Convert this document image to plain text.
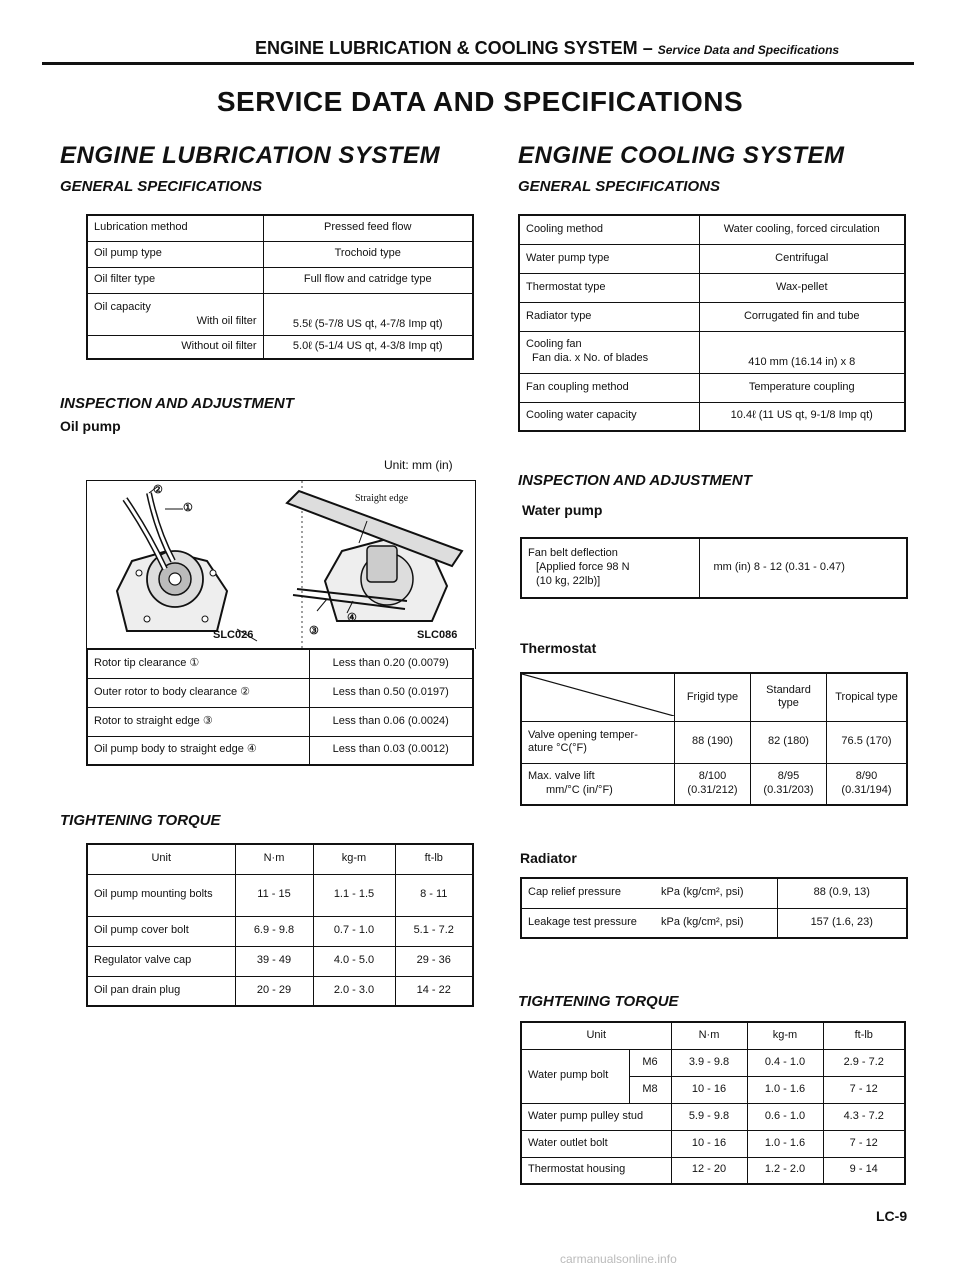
ENGINE LUBRICATION & COOLING SYSTEM – Service Data and Specifications
SERVICE DATA AND SPECIFICATIONS
ENGINE LUBRICATION SYSTEM
GENERAL SPECIFICATIONS
Lubrication method	Pressed feed flow
Oil pump type	Trochoid type
Oil filter type	Full flow and catridge type

Oil capacity
With oil filter	5.5ℓ (5-7/8 US qt, 4-7/8 Imp qt)
Without oil filter	5.0ℓ (5-1/4 US qt, 4-3/8 Imp qt)
INSPECTION AND ADJUSTMENT
Oil pump
Unit: mm (in)
②
①
Straight edge
SLC026	③
④
SLC086
Rotor tip clearance ①	Less than 0.20 (0.0079)
Outer rotor to body clearance ②	Less than 0.50 (0.0197)
Rotor to straight edge ③	Less than 0.06 (0.0024)
Oil pump body to straight edge ④	Less than 0.03 (0.0012)
TIGHTENING TORQUE
Unit	N·m	kg-m	ft-lb
Oil pump mounting bolts	11 - 15	1.1 - 1.5	8 - 11
Oil pump cover bolt	6.9 - 9.8	0.7 - 1.0	5.1 - 7.2
Regulator valve cap	39 - 49	4.0 - 5.0	29 - 36
Oil pan drain plug	20 - 29	2.0 - 3.0	14 - 22
ENGINE COOLING SYSTEM
GENERAL SPECIFICATIONS
Cooling method	Water cooling, forced circulation
Water pump type	Centrifugal
Thermostat type	Wax-pellet
Radiator type	Corrugated fin and tube

Cooling fan
Fan dia. x No. of blades	410 mm (16.14 in) x 8
Fan coupling method	Temperature coupling
Cooling water capacity	10.4ℓ (11 US qt, 9-1/8 Imp qt)
INSPECTION AND ADJUSTMENT
Water pump
Fan belt deflection
[Applied force 98 N
(10 kg, 22lb)]
	mm (in) 8 - 12 (0.31 - 0.47)
Thermostat
	Frigid type	Standard type	Tropical type

Valve opening temper-
ature °C(°F)	88 (190)	82 (180)	76.5 (170)

Max. valve lift
mm/°C (in/°F)	8/100 (0.31/212)	8/95 (0.31/203)	8/90 (0.31/194)
Radiator
Cap relief pressure	kPa (kg/cm², psi)	88 (0.9, 13)
Leakage test pressure	kPa (kg/cm², psi)	157 (1.6, 23)
TIGHTENING TORQUE
Unit		N·m	kg-m	ft-lb
Water pump bolt	M6	3.9 - 9.8	0.4 - 1.0	2.9 - 7.2
	M8	10 - 16	1.0 - 1.6	7 - 12
Water pump pulley stud		5.9 - 9.8	0.6 - 1.0	4.3 - 7.2
Water outlet bolt		10 - 16	1.0 - 1.6	7 - 12
Thermostat housing		12 - 20	1.2 - 2.0	9 - 14
LC-9
carmanualsonline.info
